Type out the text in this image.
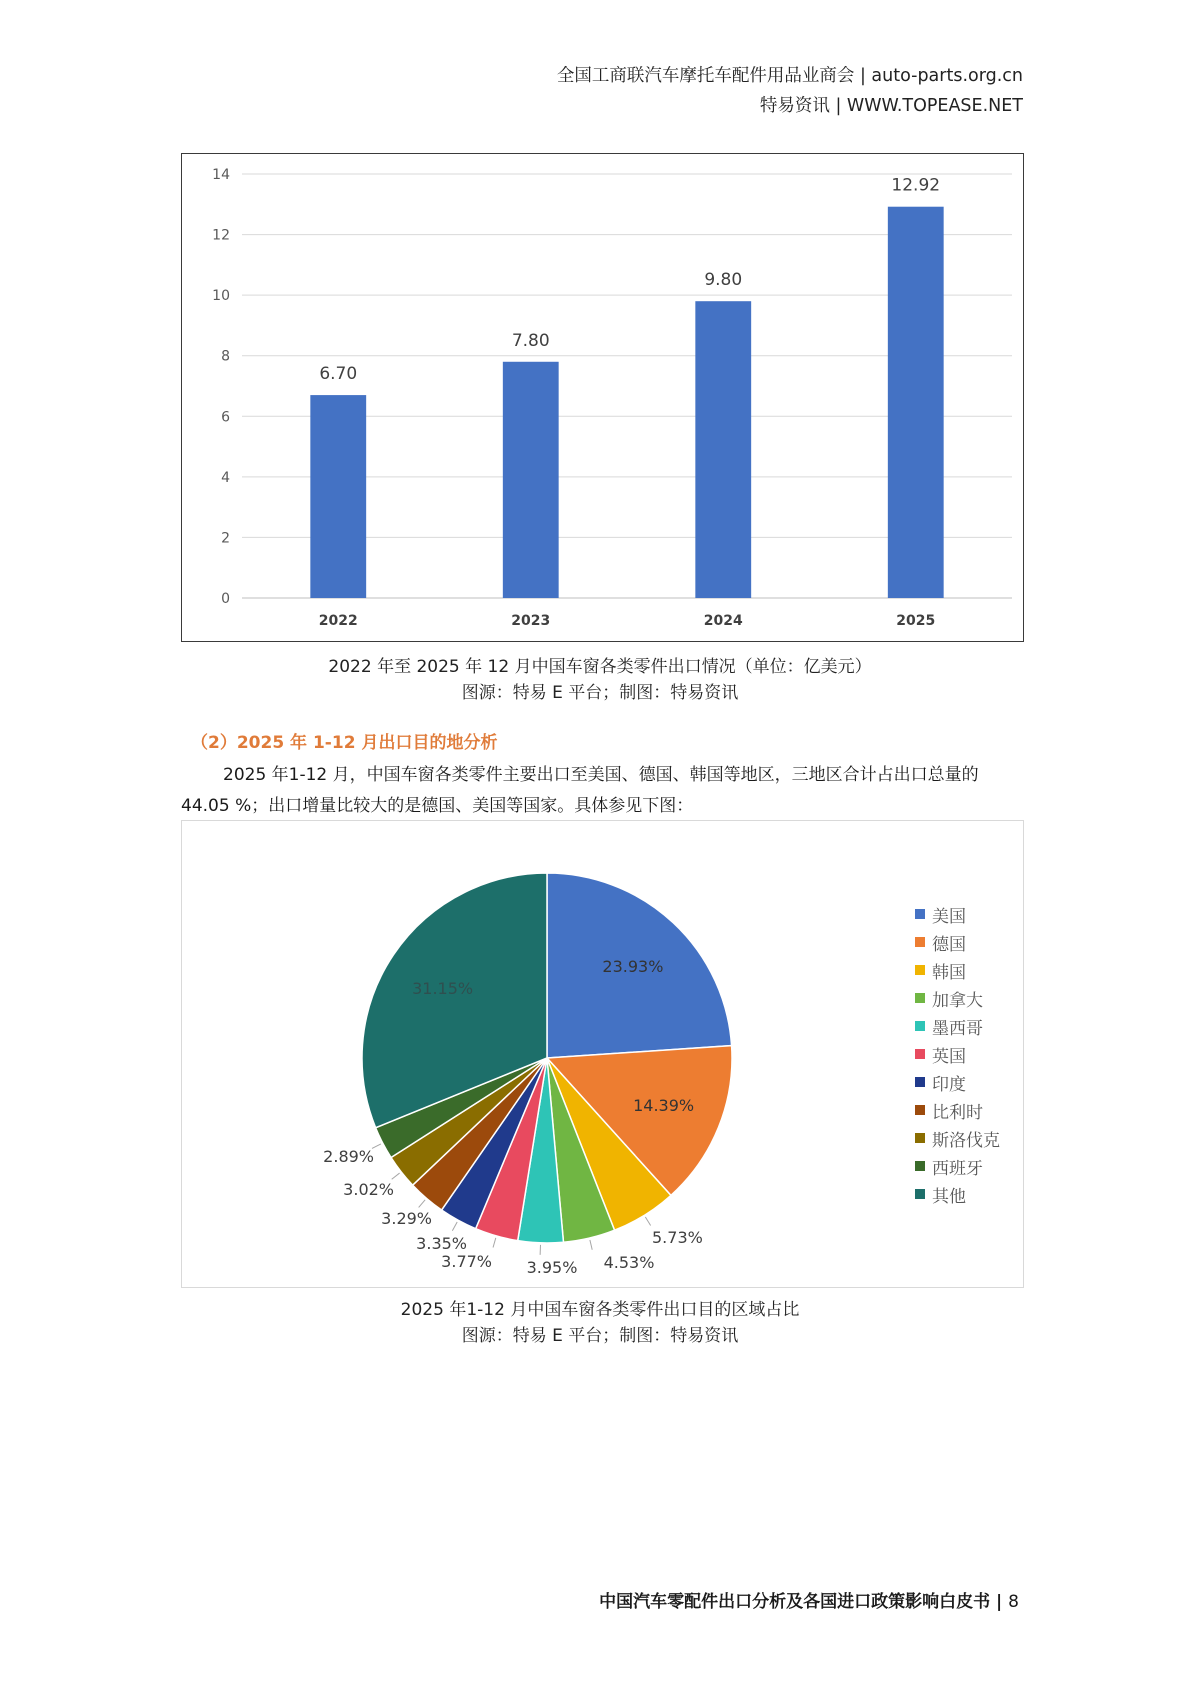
全国工商联汽车摩托车配件用品业商会 | auto-parts.org.cn
特易资讯 | WWW.TOPEASE.NET
0
2
4
6
8
10
12
14
6.70
2022
7.80
2023
9.80
2024
12.92
2025
2022 年至 2025 年 12 月中国车窗各类零件出口情况（单位：亿美元）
图源：特易 E 平台；制图：特易资讯
（2）2025 年 1-12 月出口目的地分析
2025 年1-12 月，中国车窗各类零件主要出口至美国、德国、韩国等地区，三地区合计占出口总量的44.05 %；出口增量比较大的是德国、美国等国家。具体参见下图：
23.93%
14.39%
5.73%
4.53%
3.95%
3.77%
3.35%
3.29%
3.02%
2.89%
31.15%
美国
德国
韩国
加拿大
墨西哥
英国
印度
比利时
斯洛伐克
西班牙
其他
2025 年1-12 月中国车窗各类零件出口目的区域占比
图源：特易 E 平台；制图：特易资讯
中国汽车零配件出口分析及各国进口政策影响白皮书 | 8
